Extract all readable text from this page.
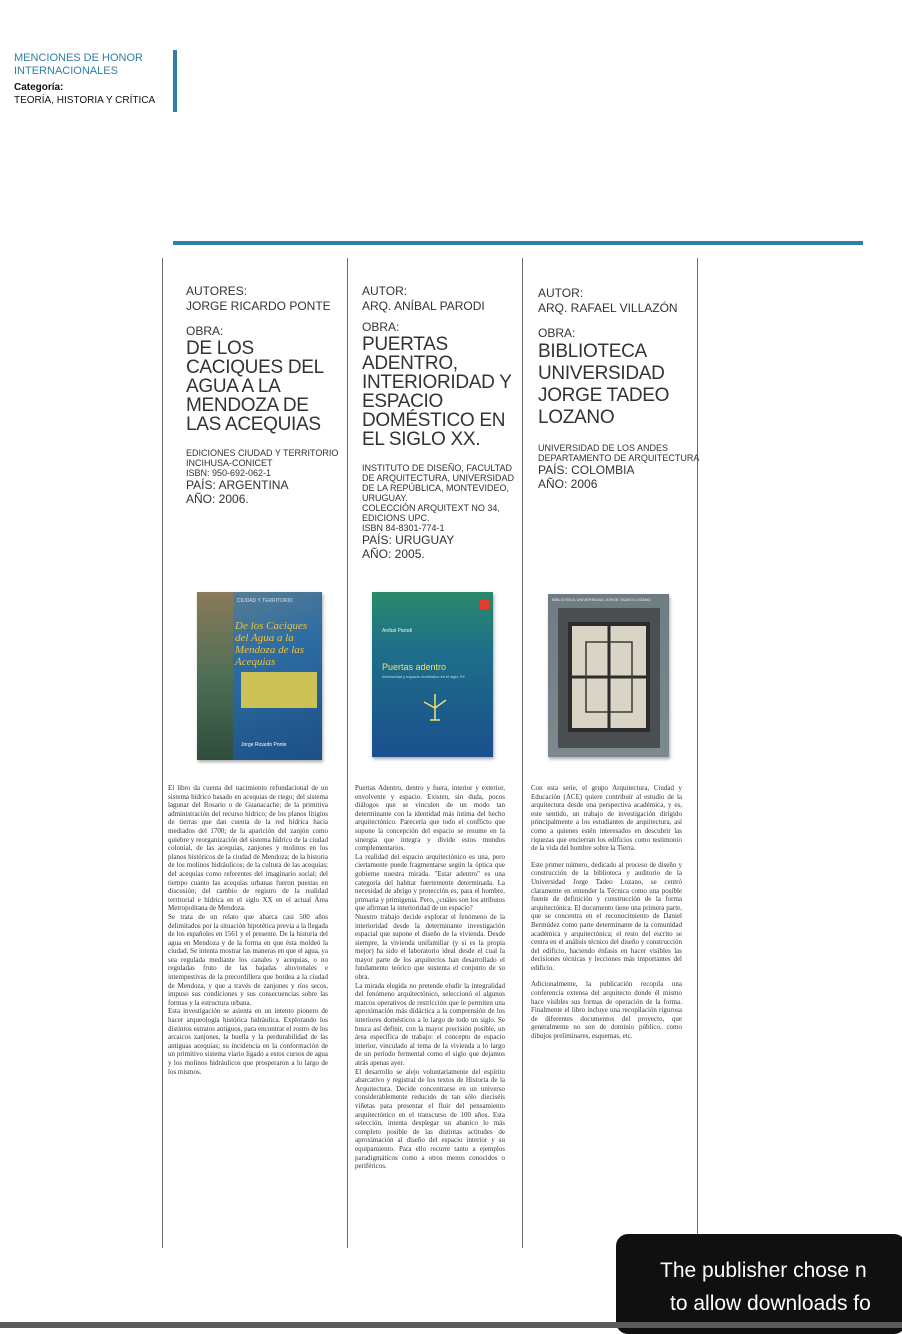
MENCIONES DE HONOR
INTERNACIONALES
Categoría:
TEORÍA, HISTORIA Y CRÍTICA
AUTORES:
JORGE RICARDO PONTE
OBRA:
DE LOS
CACIQUES DEL
AGUA A LA
MENDOZA DE
LAS ACEQUIAS
EDICIONES CIUDAD Y TERRITORIO
INCIHUSA-CONICET
ISBN: 950-692-062-1
PAÍS: ARGENTINA
AÑO: 2006.
CIUDAD Y TERRITORIO
De los Caciques del Agua a la Mendoza de las Acequias
Jorge Ricardo Ponte
El libro da cuenta del nacimiento refundacional de un sistema hídrico basado en acequias de riego; del sistema lagunar del Rosario o de Guanacache; de la primitiva administración del recurso hídrico; de los planos litigios de tierras que dan cuenta de la red hídrica hacia mediados del 1700; de la aparición del zanjón como quiebre y reorganización del sistema hídrico de la ciudad colonial, de las acequias, zanjones y molinos en los planos históricos de la ciudad de Mendoza; de la historia de los molinos hidráulicos; de la cultura de las acequias; del acequias como referentes del imaginario social; del tiempo cuanto las acequias urbanas fueron puestas en discusión; del cambio de registro de la realidad territorial e hídrica en el siglo XX en el actual Área Metropolitana de Mendoza.
Se trata de un relato que abarca casi 500 años delimitados por la situación hipotética previa a la llegada de los españoles en 1561 y el presente. De la historia del agua en Mendoza y de la forma en que ésta moldeó la ciudad. Se intenta mostrar las maneras en que el agua, ya sea regulada mediante los canales y acequias, o no reguladas fruto de las bajadas aluvionales e intempestivas de la precordillera que bordea a la ciudad de Mendoza, y que a través de zanjones y ríos secos, impuso sus condiciones y sus consecuencias sobre las formas y la estructura urbana.
Esta investigación se asienta en un intento pionero de hacer arqueología histórica hidráulica. Explorando los distintos estratos antiguos, para encontrar el rostro de los arcaicos zanjones, la huella y la perdurabilidad de las antiguas acequias; su incidencia en la conformación de un primitivo sistema viario ligado a estos cursos de agua y los molinos hidráulicos que prosperaron a lo largo de los mismos.
AUTOR:
ARQ. ANÍBAL PARODI
OBRA:
PUERTAS
ADENTRO,
INTERIORIDAD Y
ESPACIO
DOMÉSTICO EN
EL SIGLO XX.
INSTITUTO DE DISEÑO, FACULTAD
DE ARQUITECTURA, UNIVERSIDAD
DE LA REPÚBLICA, MONTEVIDEO,
URUGUAY.
COLECCIÓN ARQUITEXT NO 34,
EDICIONS UPC.
ISBN 84-8301-774-1
PAÍS: URUGUAY
AÑO: 2005.
Aníbal Parodi
Puertas adentro
Interioridad y espacio doméstico en el siglo XX
Puertas Adentro, dentro y fuera, interior y exterior, envolvente y espacio. Existen, sin duda, pocos diálogos que se vinculen de un modo tan determinante con la identidad más íntima del hecho arquitectónico. Parecería que todo el conflicto que supone la concepción del espacio se resume en la sinergia que integra y divide estos mundos complementarios.
La realidad del espacio arquitectónico es una, pero ciertamente puede fragmentarse según la óptica que gobierne nuestra mirada. "Estar adentro" es una categoría del habitar fuertemente determinada. La necesidad de abrigo y protección es, para el hombre, primaria y primigenia. Pero, ¿cuáles son los atributos que afirman la interioridad de un espacio?
Nuestro trabajo decide explorar el fenómeno de la interioridad desde la determinante investigación espacial que supone el diseño de la vivienda. Desde siempre, la vivienda unifamiliar (y si es la propia mejor) ha sido el laboratorio ideal desde el cual la mayor parte de los arquitectos han desarrollado el fundamento teórico que sustenta el conjunto de su obra.
La mirada elegida no pretende eludir la integralidad del fenómeno arquitectónico, seleccionó el algunos marcos operativos de restricción que le permiten una aproximación más didáctica a la comprensión de los interiores domésticos a lo largo de todo un siglo. Se busca así definir, con la mayor precisión posible, un área específica de trabajo: el concepto de espacio interior, vinculado al tema de la vivienda a lo largo de un período fermental como el siglo que dejamos atrás apenas ayer.
El desarrollo se alejo voluntariamente del espíritu abarcativo y registral de los textos de Historia de la Arquitectura. Decide concentrarse en un universo considerablemente reducido de tan sólo dieciséis viñetas para presentar el fluir del pensamiento arquitectónico en el transcurso de 100 años. Esta selección, intenta desplegar un abanico lo más completo posible de las distintas actitudes de aproximación al diseño del espacio interior y su equipamiento. Para ello recurre tanto a ejemplos paradigmáticos como a otros menos conocidos o periféricos.
AUTOR:
ARQ. RAFAEL VILLAZÓN
OBRA:
BIBLIOTECA
UNIVERSIDAD
JORGE TADEO
LOZANO
UNIVERSIDAD DE LOS ANDES
DEPARTAMENTO DE ARQUITECTURA
PAÍS: COLOMBIA
AÑO: 2006
BIBLIOTECA UNIVERSIDAD JORGE TADEO LOZANO
Con esta serie, el grupo Arquitectura, Ciudad y Educación (ACE) quiere contribuir al estudio de la arquitectura desde una perspectiva académica, y es, este sentido, un trabajo de investigación dirigido principalmente a los estudiantes de arquitectura, así como a quienes estén interesados en descubrir las riquezas que encierran los edificios como testimonio de la vida del hombre sobre la Tierra.
Este primer número, dedicado al proceso de diseño y construcción de la biblioteca y auditorio de la Universidad Jorge Tadeo Lozano, se centró claramente en entender la Técnica como una posible fuente de definición y construcción de la forma arquitectónica. El documento tiene una primera parte, que se concentra en el reconocimiento de Daniel Bermúdez como parte determinante de la comunidad académica y arquitectónica; el resto del escrito se centra en el análisis técnico del diseño y construcción del edificio, haciendo énfasis en hacer visibles las decisiones técnicas y lecciones más importantes del edificio.
Adicionalmente, la publicación recopila una conferencia extensa del arquitecto donde él mismo hace visibles sus formas de operación de la forma. Finalmente el libro incluye una recopilación rigurosa de diferentes documentos del proyecto, que generalmente no son de dominio público, como dibujos preliminares, esquemas, etc.
The publisher chose n
to allow downloads fo
